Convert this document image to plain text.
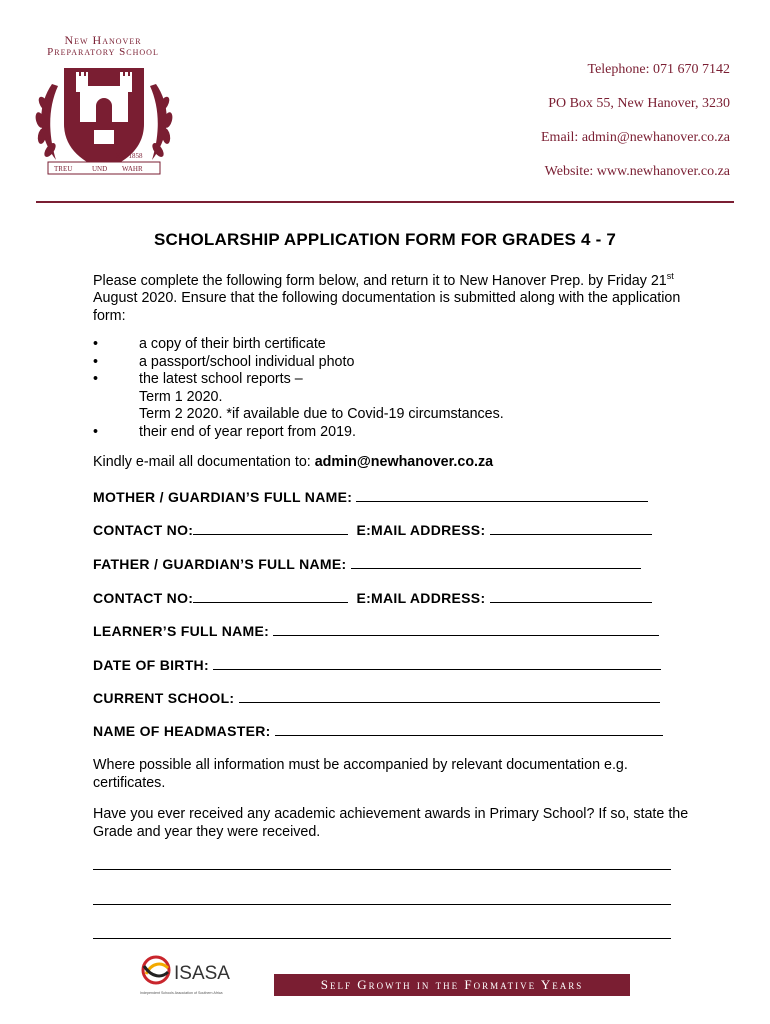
New Hanover
Preparatory School
Est. 1858
TREU	UND WAHR
Telephone: 071 670 7142
PO Box 55, New Hanover, 3230
Email: admin@newhanover.co.za
Website: www.newhanover.co.za
SCHOLARSHIP APPLICATION FORM FOR GRADES 4 - 7
Please complete the following form below, and return it to New Hanover Prep. by Friday 21st August 2020. Ensure that the following documentation is submitted along with the application form:
•	a copy of their birth certificate
•	a passport/school individual photo
•	the latest school reports –
Term 1 2020.
Term 2 2020. *if available due to Covid-19 circumstances.
•	their end of year report from 2019.
Kindly e-mail all documentation to: admin@newhanover.co.za
MOTHER / GUARDIAN’S FULL NAME:
CONTACT NO:	E:MAIL ADDRESS:
FATHER / GUARDIAN’S FULL NAME:
CONTACT NO:	E:MAIL ADDRESS:
LEARNER’S FULL NAME:
DATE OF BIRTH:
CURRENT SCHOOL:
NAME OF HEADMASTER:
Where possible all information must be accompanied by relevant documentation e.g. certificates.
Have you ever received any academic achievement awards in Primary School? If so, state the Grade and year they were received.
ISASA
Independent Schools Association of Southern Africa
Self Growth in the Formative Years
